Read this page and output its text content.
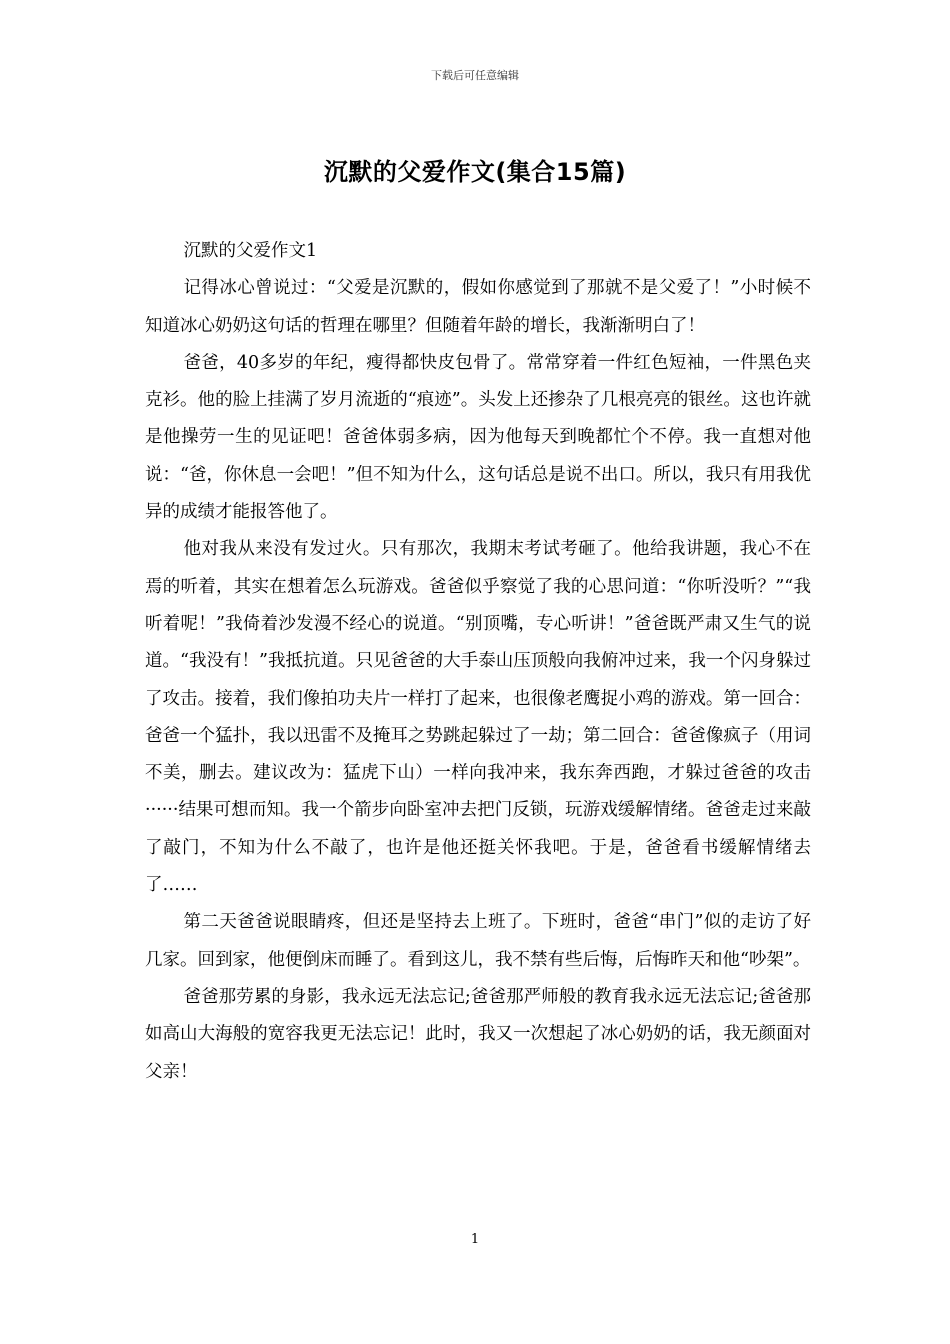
下载后可任意编辑
沉默的父爱作文(集合15篇)

沉默的父爱作文1

记得冰心曾说过：“父爱是沉默的，假如你感觉到了那就不是父爱了！”小时候不知道冰心奶奶这句话的哲理在哪里？但随着年龄的增长，我渐渐明白了！

爸爸，40多岁的年纪，瘦得都快皮包骨了。常常穿着一件红色短袖，一件黑色夹克衫。他的脸上挂满了岁月流逝的“痕迹”。头发上还掺杂了几根亮亮的银丝。这也许就是他操劳一生的见证吧！爸爸体弱多病，因为他每天到晚都忙个不停。我一直想对他说：“爸，你休息一会吧！”但不知为什么，这句话总是说不出口。所以，我只有用我优异的成绩才能报答他了。

他对我从来没有发过火。只有那次，我期末考试考砸了。他给我讲题，我心不在焉的听着，其实在想着怎么玩游戏。爸爸似乎察觉了我的心思问道：“你听没听？”“我听着呢！”我倚着沙发漫不经心的说道。“别顶嘴，专心听讲！”爸爸既严肃又生气的说道。“我没有！”我抵抗道。只见爸爸的大手泰山压顶般向我俯冲过来，我一个闪身躲过了攻击。接着，我们像拍功夫片一样打了起来，也很像老鹰捉小鸡的游戏。第一回合：爸爸一个猛扑，我以迅雷不及掩耳之势跳起躲过了一劫；第二回合：爸爸像疯子（用词不美，删去。建议改为：猛虎下山）一样向我冲来，我东奔西跑，才躲过爸爸的攻击······结果可想而知。我一个箭步向卧室冲去把门反锁，玩游戏缓解情绪。爸爸走过来敲了敲门，不知为什么不敲了，也许是他还挺关怀我吧。于是，爸爸看书缓解情绪去了……

第二天爸爸说眼睛疼，但还是坚持去上班了。下班时，爸爸“串门”似的走访了好几家。回到家，他便倒床而睡了。看到这儿，我不禁有些后悔，后悔昨天和他“吵架”。

爸爸那劳累的身影，我永远无法忘记;爸爸那严师般的教育我永远无法忘记;爸爸那如高山大海般的宽容我更无法忘记！此时，我又一次想起了冰心奶奶的话，我无颜面对父亲！

1
